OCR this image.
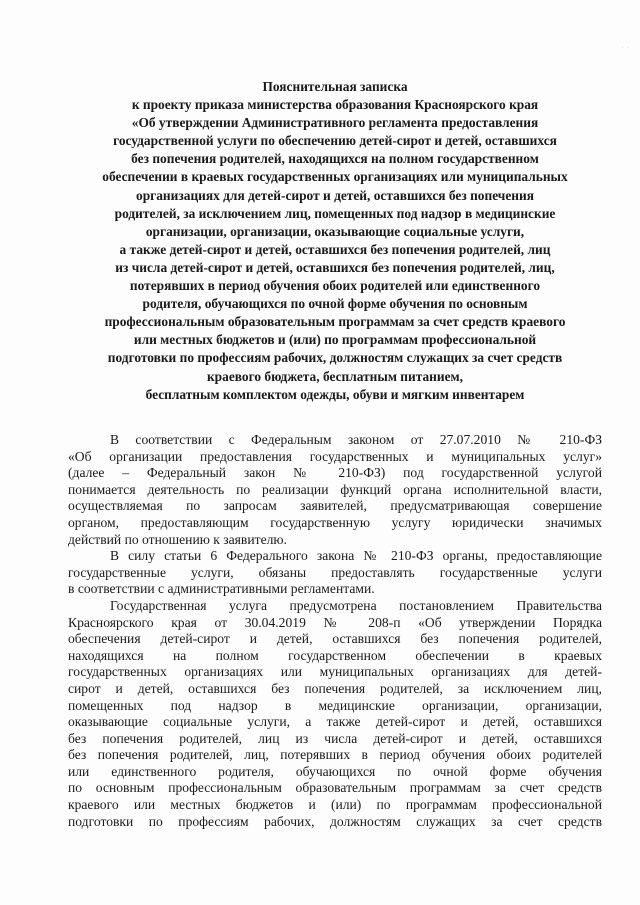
· ·
Пояснительная записка
к проекту приказа министерства образования Красноярского края
«Об утверждении Административного регламента предоставления
государственной услуги по обеспечению детей-сирот и детей, оставшихся
без попечения родителей, находящихся на полном государственном
обеспечении в краевых государственных организациях или муниципальных
организациях для детей-сирот и детей, оставшихся без попечения
родителей, за исключением лиц, помещенных под надзор в медицинские
организации, организации, оказывающие социальные услуги,
а также детей-сирот и детей, оставшихся без попечения родителей, лиц
из числа детей-сирот и детей, оставшихся без попечения родителей, лиц,
потерявших в период обучения обоих родителей или единственного
родителя, обучающихся по очной форме обучения по основным
профессиональным образовательным программам за счет средств краевого
или местных бюджетов и (или) по программам профессиональной
подготовки по профессиям рабочих, должностям служащих за счет средств
краевого бюджета, бесплатным питанием,
бесплатным комплектом одежды, обуви и мягким инвентарем
В соответствии с Федеральным законом от 27.07.2010 № 210-ФЗ
«Об организации предоставления государственных и муниципальных услуг»
(далее – Федеральный закон № 210-ФЗ) под государственной услугой
понимается деятельность по реализации функций органа исполнительной власти,
осуществляемая по запросам заявителей, предусматривающая совершение
органом, предоставляющим государственную услугу юридически значимых
действий по отношению к заявителю.
В силу статьи 6 Федерального закона № 210-ФЗ органы, предоставляющие
государственные услуги, обязаны предоставлять государственные услуги
в соответствии с административными регламентами.
Государственная услуга предусмотрена постановлением Правительства
Красноярского края от 30.04.2019 № 208-п «Об утверждении Порядка
обеспечения детей-сирот и детей, оставшихся без попечения родителей,
находящихся на полном государственном обеспечении в краевых
государственных организациях или муниципальных организациях для детей-
сирот и детей, оставшихся без попечения родителей, за исключением лиц,
помещенных под надзор в медицинские организации, организации,
оказывающие социальные услуги, а также детей-сирот и детей, оставшихся
без попечения родителей, лиц из числа детей-сирот и детей, оставшихся
без попечения родителей, лиц, потерявших в период обучения обоих родителей
или единственного родителя, обучающихся по очной форме обучения
по основным профессиональным образовательным программам за счет средств
краевого или местных бюджетов и (или) по программам профессиональной
подготовки по профессиям рабочих, должностям служащих за счет средств
